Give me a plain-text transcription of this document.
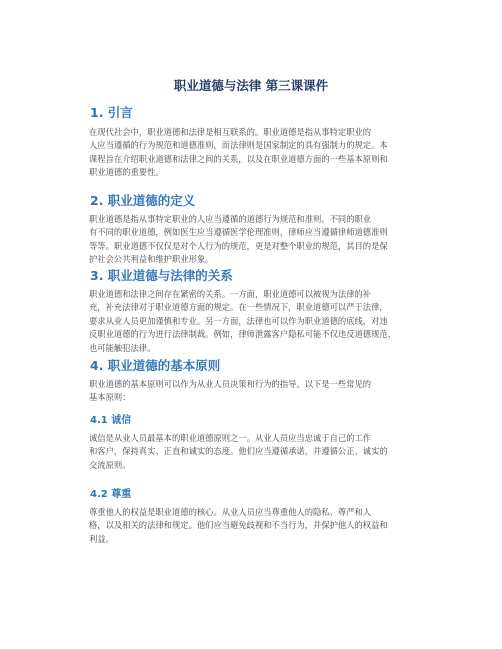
职业道德与法律 第三课课件
1. 引言
在现代社会中，职业道德和法律是相互联系的。职业道德是指从事特定职业的
人应当遵循的行为规范和道德准则，而法律则是国家制定的具有强制力的规定。本
课程旨在介绍职业道德和法律之间的关系，以及在职业道德方面的一些基本原则和
职业道德的重要性。
2. 职业道德的定义
职业道德是指从事特定职业的人应当遵循的道德行为规范和准则。不同的职业
有不同的职业道德，例如医生应当遵循医学伦理准则，律师应当遵循律师道德准则
等等。职业道德不仅仅是对个人行为的规范，更是对整个职业的规范，其目的是保
护社会公共利益和维护职业形象。
3. 职业道德与法律的关系
职业道德和法律之间存在紧密的关系。一方面，职业道德可以被视为法律的补
充，补充法律对于职业道德方面的规定。在一些情况下，职业道德可以严于法律，
要求从业人员更加谨慎和专业。另一方面，法律也可以作为职业道德的底线，对违
反职业道德的行为进行法律制裁。例如，律师泄露客户隐私可能不仅违反道德规范，
也可能触犯法律。
4. 职业道德的基本原则
职业道德的基本原则可以作为从业人员决策和行为的指导。以下是一些常见的
基本原则：
4.1 诚信
诚信是从业人员最基本的职业道德原则之一。从业人员应当忠诚于自己的工作
和客户，保持真实、正直和诚实的态度。他们应当遵循承诺，并遵循公正、诚实的
交流原则。
4.2 尊重
尊重他人的权益是职业道德的核心。从业人员应当尊重他人的隐私、尊严和人
格，以及相关的法律和规定。他们应当避免歧视和不当行为，并保护他人的权益和
利益。
